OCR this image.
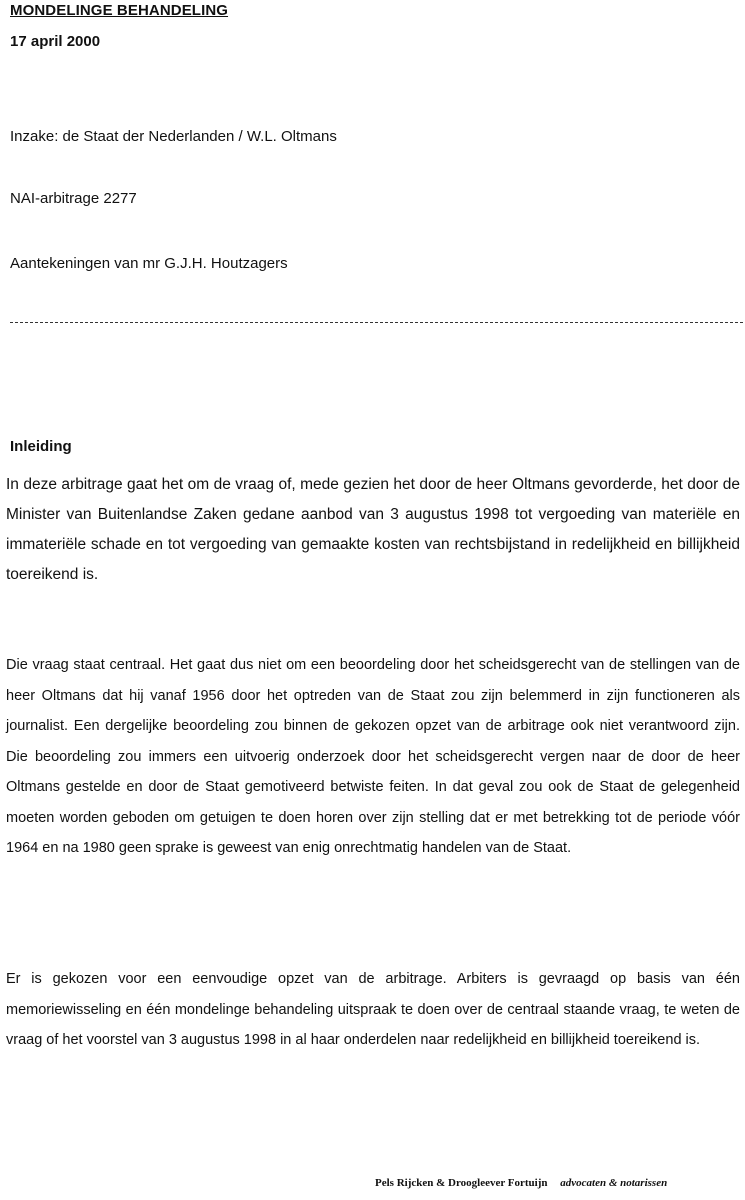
MONDELINGE BEHANDELING
17 april 2000
Inzake: de Staat der Nederlanden / W.L. Oltmans
NAI-arbitrage 2277
Aantekeningen van mr G.J.H. Houtzagers
Inleiding

In deze arbitrage gaat het om de vraag of, mede gezien het door de heer Oltmans gevorderde, het door de Minister van Buitenlandse Zaken gedane aanbod van 3 augustus 1998 tot vergoeding van materiële en immateriële schade en tot vergoeding van gemaakte kosten van rechtsbijstand in redelijkheid en billijkheid toereikend is.

Die vraag staat centraal. Het gaat dus niet om een beoordeling door het scheidsgerecht van de stellingen van de heer Oltmans dat hij vanaf 1956 door het optreden van de Staat zou zijn belemmerd in zijn functioneren als journalist. Een dergelijke beoordeling zou binnen de gekozen opzet van de arbitrage ook niet verantwoord zijn. Die beoordeling zou immers een uitvoerig onderzoek door het scheidsgerecht vergen naar de door de heer Oltmans gestelde en door de Staat gemotiveerd betwiste feiten. In dat geval zou ook de Staat de gelegenheid moeten worden geboden om getuigen te doen horen over zijn stelling dat er met betrekking tot de periode vóór 1964 en na 1980 geen sprake is geweest van enig onrechtmatig handelen van de Staat.

Er is gekozen voor een eenvoudige opzet van de arbitrage. Arbiters is gevraagd op basis van één memoriewisseling en één mondelinge behandeling uitspraak te doen over de centraal staande vraag, te weten de vraag of het voorstel van 3 augustus 1998 in al haar onderdelen naar redelijkheid en billijkheid toereikend is.

Pels Rijcken & Droogleever Fortuijn advocaten & notarissen
